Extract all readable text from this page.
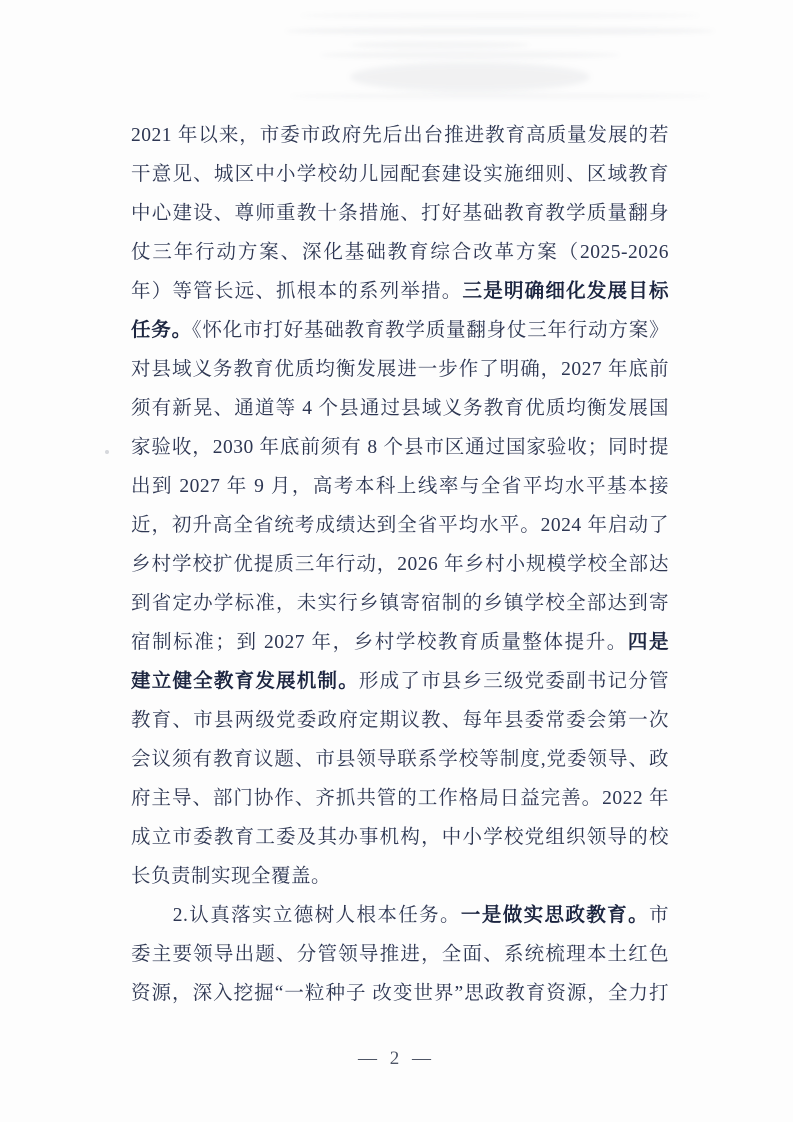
2021 年以来，市委市政府先后出台推进教育高质量发展的若
干意见、城区中小学校幼儿园配套建设实施细则、区域教育
中心建设、尊师重教十条措施、打好基础教育教学质量翻身
仗三年行动方案、深化基础教育综合改革方案（2025-2026
年）等管长远、抓根本的系列举措。三是明确细化发展目标
任务。《怀化市打好基础教育教学质量翻身仗三年行动方案》
对县域义务教育优质均衡发展进一步作了明确，2027 年底前
须有新晃、通道等 4 个县通过县域义务教育优质均衡发展国
家验收，2030 年底前须有 8 个县市区通过国家验收；同时提
出到 2027 年 9 月，高考本科上线率与全省平均水平基本接
近，初升高全省统考成绩达到全省平均水平。2024 年启动了
乡村学校扩优提质三年行动，2026 年乡村小规模学校全部达
到省定办学标准，未实行乡镇寄宿制的乡镇学校全部达到寄
宿制标准；到 2027 年，乡村学校教育质量整体提升。四是
建立健全教育发展机制。形成了市县乡三级党委副书记分管
教育、市县两级党委政府定期议教、每年县委常委会第一次
会议须有教育议题、市县领导联系学校等制度,党委领导、政
府主导、部门协作、齐抓共管的工作格局日益完善。2022 年
成立市委教育工委及其办事机构，中小学校党组织领导的校
长负责制实现全覆盖。
　　2.认真落实立德树人根本任务。一是做实思政教育。市
委主要领导出题、分管领导推进，全面、系统梳理本土红色
资源，深入挖掘“一粒种子 改变世界”思政教育资源，全力打
— 2 —
